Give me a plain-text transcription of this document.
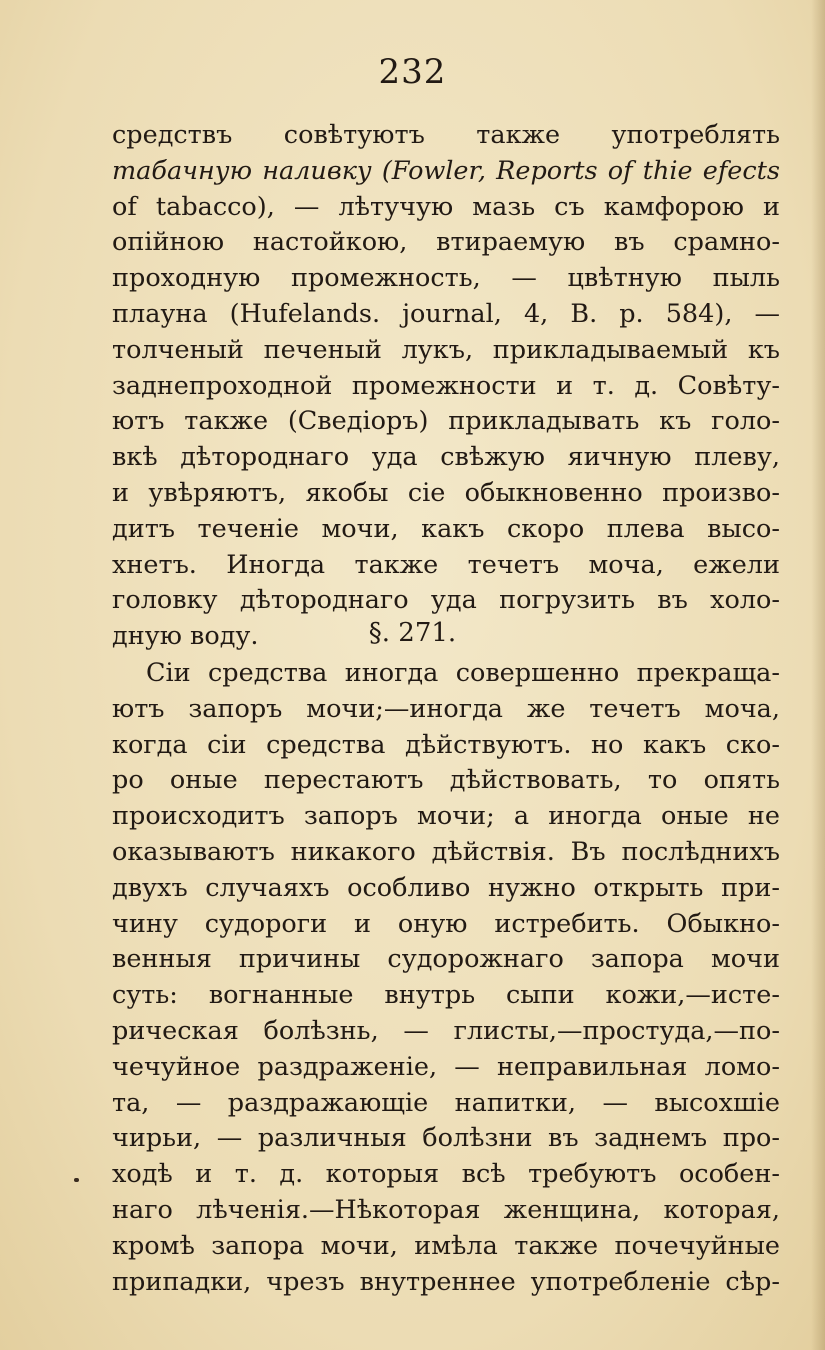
232
средствъ совѣтуютъ также употреблять
табачную наливку (Fowler, Reports of thie efects
of tabacco), — лѣтучую мазь съ камфорою и
опійною настойкою, втираемую въ срамно-
проходную промежность, — цвѣтную пыль
плауна (Hufelands. journal, 4, B. p. 584), —
толченый печеный лукъ, прикладываемый къ
заднепроходной промежности и т. д. Совѣту-
ютъ также (Сведіоръ) прикладывать къ голо-
вкѣ дѣтороднаго уда свѣжую яичную плеву,
и увѣряютъ, якобы сіе обыкновенно произво-
дитъ теченіе мочи, какъ скоро плева высо-
хнетъ. Иногда также течетъ моча, ежели
головку дѣтороднаго уда погрузить въ холо-
дную воду.	§. 271.
Сіи средства иногда совершенно прекраща-
ютъ запоръ мочи;—иногда же течетъ моча,
когда сіи средства дѣйствуютъ. но какъ ско-
ро оные перестаютъ дѣйствовать, то опять
происходитъ запоръ мочи; а иногда оные не
оказываютъ никакого дѣйствія. Въ послѣднихъ
двухъ случаяхъ особливо нужно открыть при-
чину судороги и оную истребить. Обыкно-
венныя причины судорожнаго запора мочи
суть: вогнанные внутрь сыпи кожи,—исте-
рическая болѣзнь, — глисты,—простуда,—по-
чечуйное раздраженіе, — неправильная ломо-
та, — раздражающіе напитки, — высохшіе
чирьи, — различныя болѣзни въ заднемъ про-
ходѣ и т. д. которыя всѣ требуютъ особен-
наго лѣченія.—Нѣкоторая женщина, которая,
кромѣ запора мочи, имѣла также почечуйные
припадки, чрезъ внутреннее употребленіе сѣр-
